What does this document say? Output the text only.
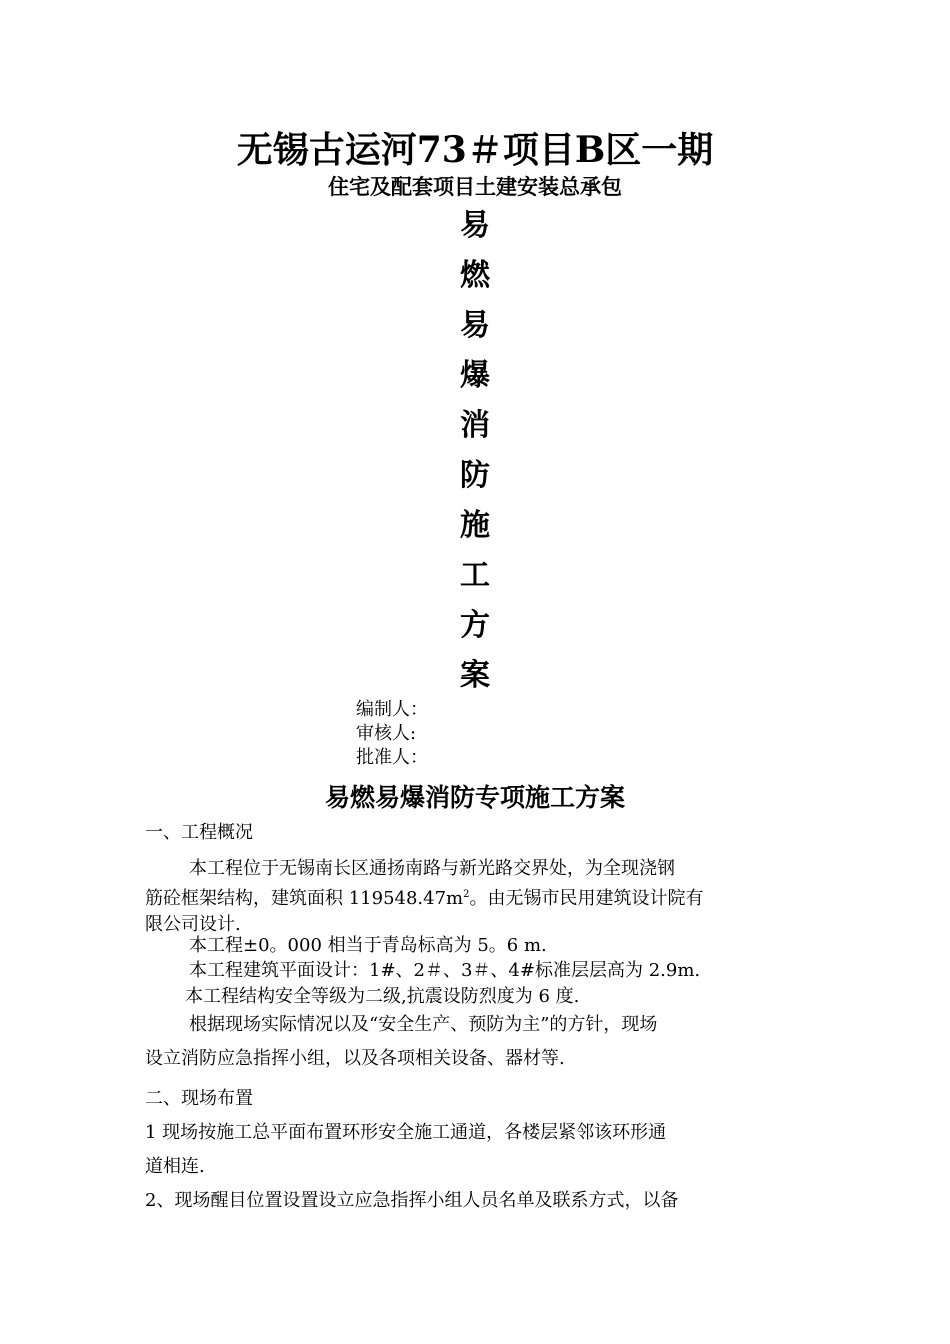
无锡古运河73＃项目B区一期
住宅及配套项目土建安装总承包
易
燃
易
爆
消
防
施
工
方
案
编制人：
审核人:
批准人：
易燃易爆消防专项施工方案
一、工程概况
本工程位于无锡南长区通扬南路与新光路交界处，为全现浇钢
筋砼框架结构，建筑面积 $119548.47m^2$。由无锡市民用建筑设计院有
限公司设计.
本工程±0。000 相当于青岛标高为 5。6 m.
本工程建筑平面设计：1#、2＃、3＃、4#标准层层高为 2.9m.
本工程结构安全等级为二级,抗震设防烈度为 6 度.
根据现场实际情况以及“安全生产、预防为主”的方针，现场
设立消防应急指挥小组，以及各项相关设备、器材等.
二、现场布置
1 现场按施工总平面布置环形安全施工通道，各楼层紧邻该环形通
道相连.
2、现场醒目位置设置设立应急指挥小组人员名单及联系方式，以备
